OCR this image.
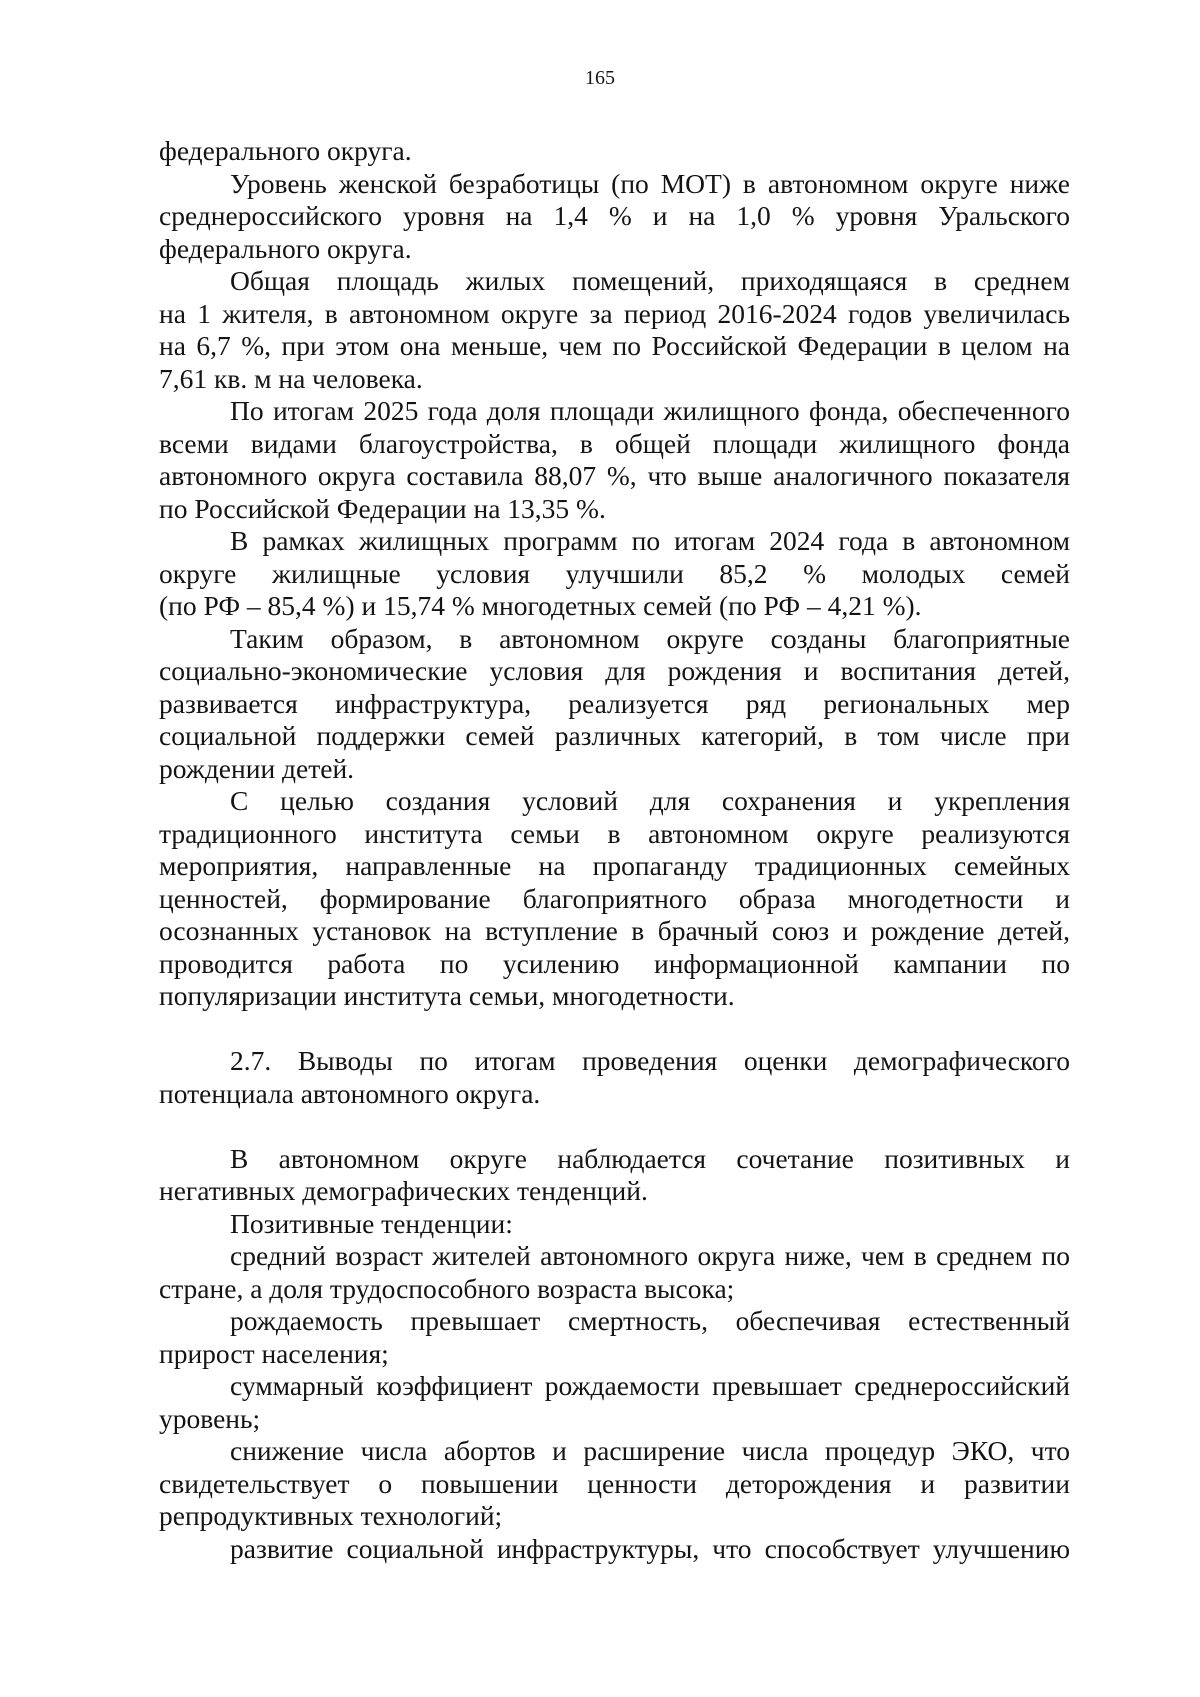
165
федерального округа.
Уровень женской безработицы (по МОТ) в автономном округе ниже
среднероссийского уровня на 1,4 % и на 1,0 % уровня Уральского
федерального округа.
Общая площадь жилых помещений, приходящаяся в среднем
на 1 жителя, в автономном округе за период 2016-2024 годов увеличилась
на 6,7 %, при этом она меньше, чем по Российской Федерации в целом на
7,61 кв. м на человека.
По итогам 2025 года доля площади жилищного фонда, обеспеченного
всеми видами благоустройства, в общей площади жилищного фонда
автономного округа составила 88,07 %, что выше аналогичного показателя
по Российской Федерации на 13,35 %.
В рамках жилищных программ по итогам 2024 года в автономном
округе жилищные условия улучшили 85,2 % молодых семей
(по РФ – 85,4 %) и 15,74 % многодетных семей (по РФ – 4,21 %).
Таким образом, в автономном округе созданы благоприятные
социально-экономические условия для рождения и воспитания детей,
развивается инфраструктура, реализуется ряд региональных мер
социальной поддержки семей различных категорий, в том числе при
рождении детей.
С целью создания условий для сохранения и укрепления
традиционного института семьи в автономном округе реализуются
мероприятия, направленные на пропаганду традиционных семейных
ценностей, формирование благоприятного образа многодетности и
осознанных установок на вступление в брачный союз и рождение детей,
проводится работа по усилению информационной кампании по
популяризации института семьи, многодетности.
2.7. Выводы по итогам проведения оценки демографического
потенциала автономного округа.
В автономном округе наблюдается сочетание позитивных и
негативных демографических тенденций.
Позитивные тенденции:
средний возраст жителей автономного округа ниже, чем в среднем по
стране, а доля трудоспособного возраста высока;
рождаемость превышает смертность, обеспечивая естественный
прирост населения;
суммарный коэффициент рождаемости превышает среднероссийский
уровень;
снижение числа абортов и расширение числа процедур ЭКО, что
свидетельствует о повышении ценности деторождения и развитии
репродуктивных технологий;
развитие социальной инфраструктуры, что способствует улучшению
